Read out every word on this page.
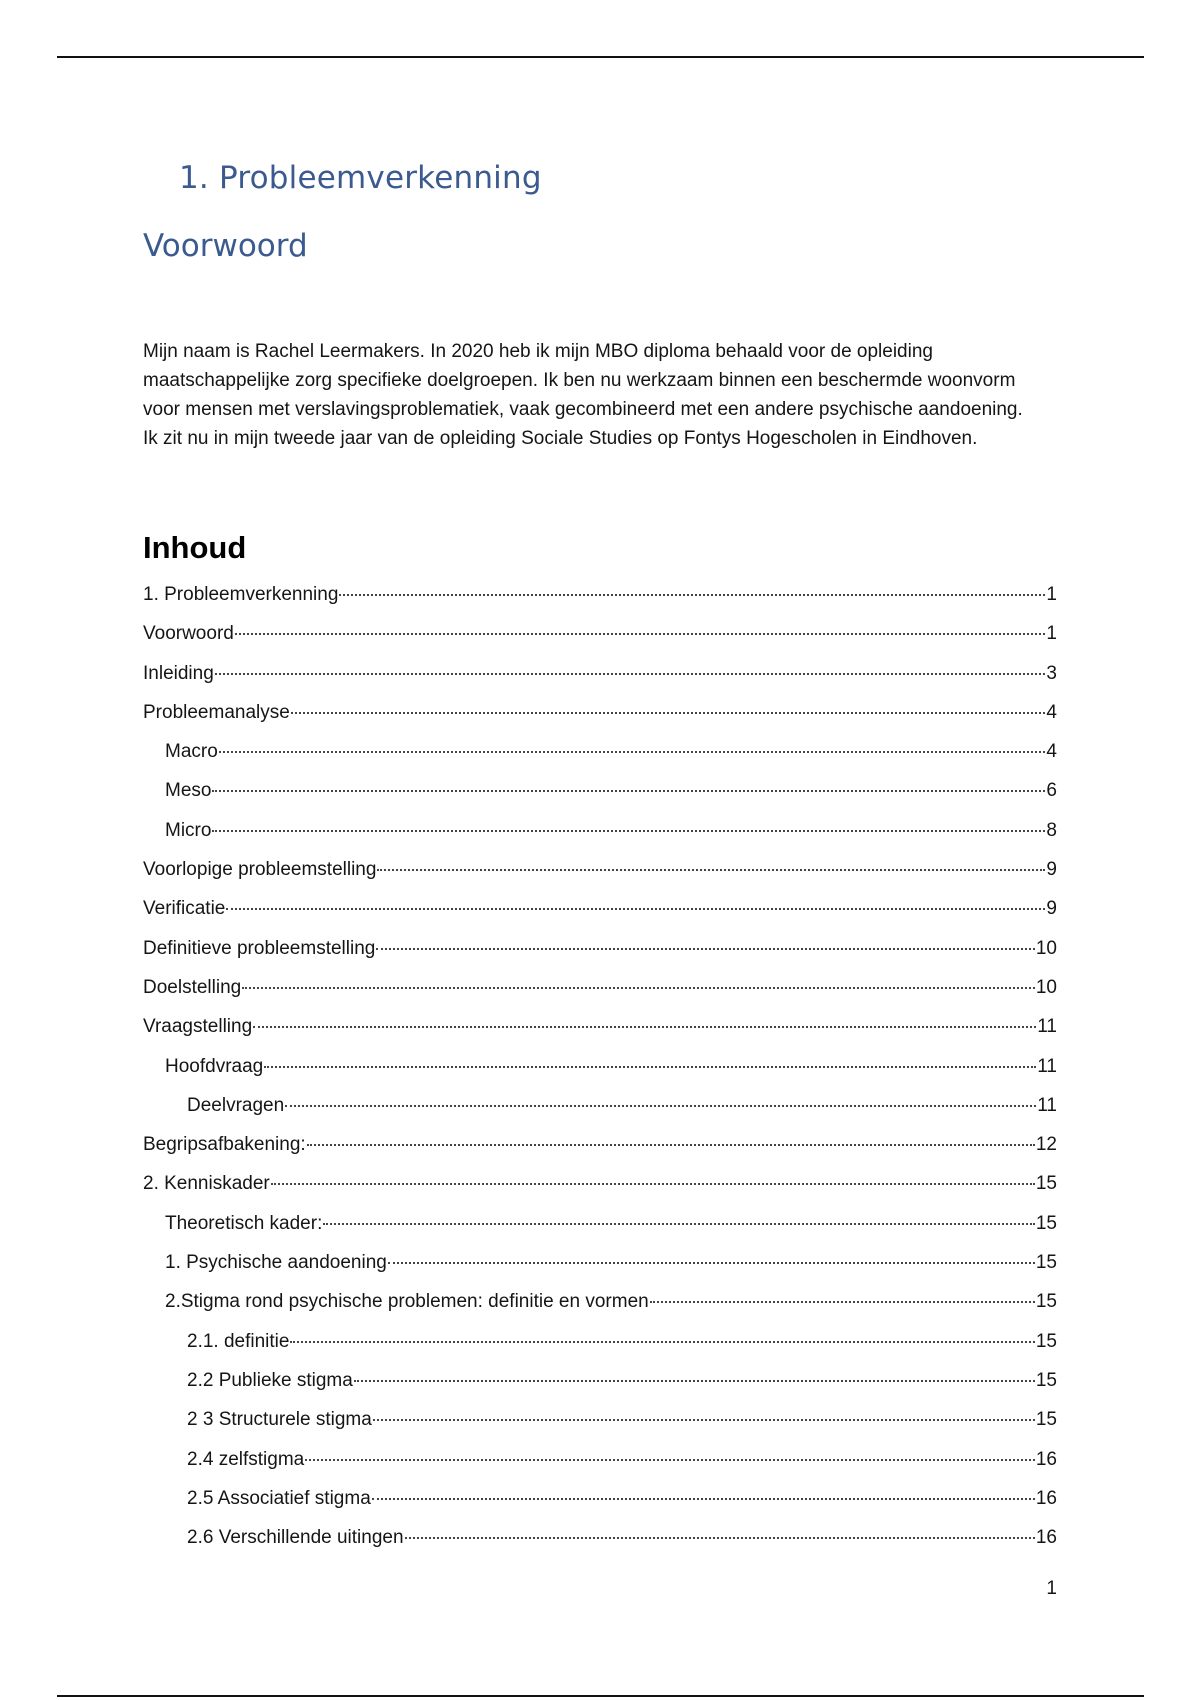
1. Probleemverkenning
Voorwoord

Mijn naam is Rachel Leermakers. In 2020 heb ik mijn MBO diploma behaald voor de opleiding maatschappelijke zorg specifieke doelgroepen. Ik ben nu werkzaam binnen een beschermde woonvorm voor mensen met verslavingsproblematiek, vaak gecombineerd met een andere psychische aandoening. Ik zit nu in mijn tweede jaar van de opleiding Sociale Studies op Fontys Hogescholen in Eindhoven.

Inhoud
1. Probleemverkenning	1
Voorwoord	1
Inleiding	3
Probleemanalyse	4
Macro	4
Meso	6
Micro	8
Voorlopige probleemstelling	9
Verificatie	9
Definitieve probleemstelling	10
Doelstelling	10
Vraagstelling	11
Hoofdvraag	11
Deelvragen	11
Begripsafbakening:	12
2. Kenniskader	15
Theoretisch kader:	15
1. Psychische aandoening	15
2.Stigma rond psychische problemen: definitie en vormen	15
2.1. definitie	15
2.2 Publieke stigma	15
2 3 Structurele stigma	15
2.4 zelfstigma	16
2.5 Associatief stigma	16
2.6 Verschillende uitingen	16
1
